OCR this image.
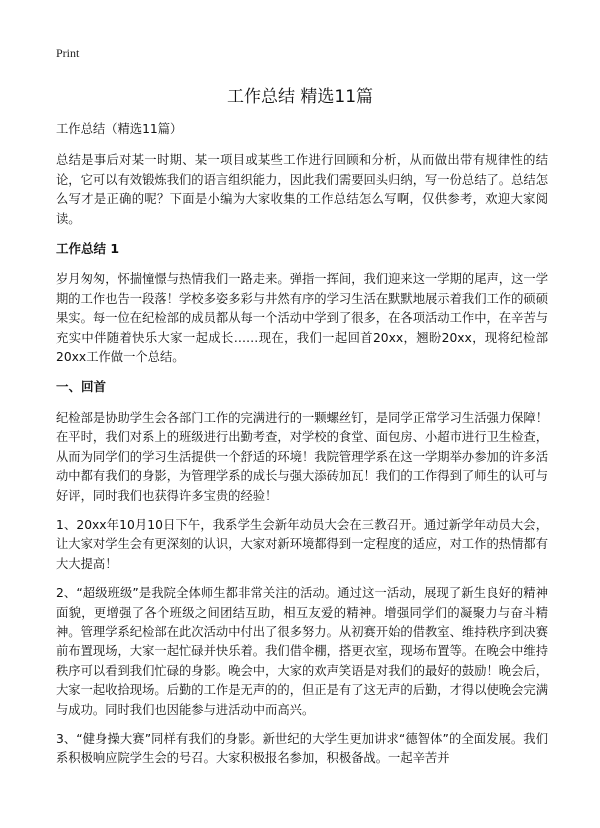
Print
工作总结 精选11篇

工作总结（精选11篇）

总结是事后对某一时期、某一项目或某些工作进行回顾和分析，从而做出带有规律性的结论，它可以有效锻炼我们的语言组织能力，因此我们需要回头归纳，写一份总结了。总结怎么写才是正确的呢？下面是小编为大家收集的工作总结怎么写啊，仅供参考，欢迎大家阅读。

工作总结 1

岁月匆匆，怀揣憧憬与热情我们一路走来。弹指一挥间，我们迎来这一学期的尾声，这一学期的工作也告一段落！学校多姿多彩与井然有序的学习生活在默默地展示着我们工作的硕硕果实。每一位在纪检部的成员都从每一个活动中学到了很多，在各项活动工作中，在辛苦与充实中伴随着快乐大家一起成长……现在，我们一起回首20xx，翘盼20xx，现将纪检部20xx工作做一个总结。

一、回首

纪检部是协助学生会各部门工作的完满进行的一颗螺丝钉，是同学正常学习生活强力保障！在平时，我们对系上的班级进行出勤考查，对学校的食堂、面包房、小超市进行卫生检查，从而为同学们的学习生活提供一个舒适的环境！我院管理学系在这一学期举办参加的许多活动中都有我们的身影，为管理学系的成长与强大添砖加瓦！我们的工作得到了师生的认可与好评，同时我们也获得许多宝贵的经验！

1、20xx年10月10日下午，我系学生会新年动员大会在三教召开。通过新学年动员大会，让大家对学生会有更深刻的认识，大家对新环境都得到一定程度的适应，对工作的热情都有大大提高！

2、“超级班级”是我院全体师生都非常关注的活动。通过这一活动，展现了新生良好的精神面貌，更增强了各个班级之间团结互助，相互友爱的精神。增强同学们的凝聚力与奋斗精神。管理学系纪检部在此次活动中付出了很多努力。从初赛开始的借教室、维持秩序到决赛前布置现场，大家一起忙碌并快乐着。我们借伞棚，搭更衣室，现场布置等。在晚会中维持秩序可以看到我们忙碌的身影。晚会中，大家的欢声笑语是对我们的最好的鼓励！晚会后，大家一起收拾现场。后勤的工作是无声的的，但正是有了这无声的后勤，才得以使晚会完满与成功。同时我们也因能参与进活动中而高兴。

3、“健身操大赛”同样有我们的身影。新世纪的大学生更加讲求“德智体”的全面发展。我们系积极响应院学生会的号召。大家积极报名参加，积极备战。一起辛苦并
